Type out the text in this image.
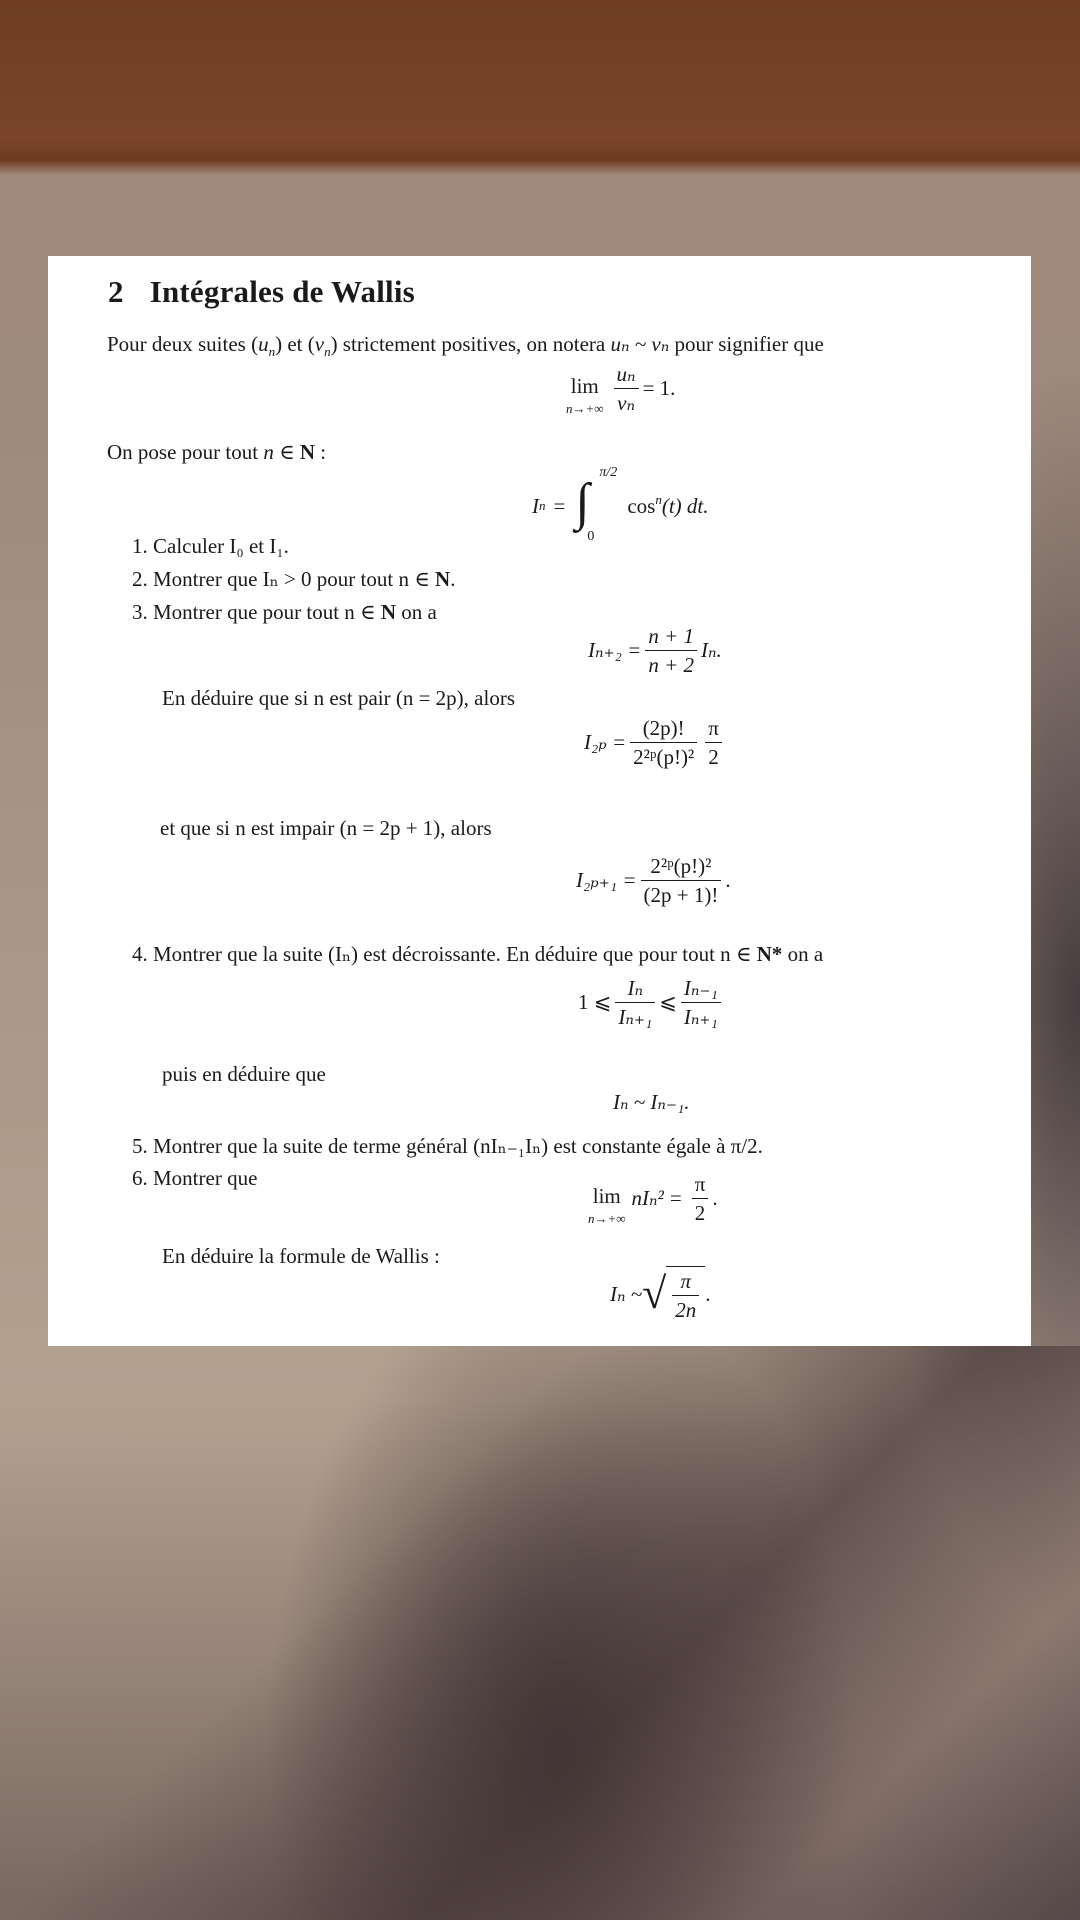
2 Intégrales de Wallis
Pour deux suites $(u_n)$ et $(v_n)$ strictement positives, on notera uₙ ~ vₙ pour signifier que
lim
$n\to+\infty \frac{\text{uₙ}}{\text{vₙ}} = 1$.
On pose pour tout n ∈ N :
I n = ∫
π/2
0
$\cos^n (t)$ dt.
1. Calculer I₀ et I₁.
2. Montrer que Iₙ > 0 pour tout n ∈ N.
3. Montrer que pour tout n ∈ N on a
$I_{n+2} = \frac{n + 1}{n + 2} I_n$.
En déduire que si n est pair (n = 2p), alors
$I_{2p} = \frac{(2p)!}{\text{2²ᵖ(p!)²}} \frac{\pi}{2}$
et que si n est impair (n = 2p + 1), alors
$I_{2p+1} = \frac{\text{2²ᵖ(p!)²}}{(2p + 1)!}$ .
4. Montrer que la suite (Iₙ) est décroissante. En déduire que pour tout n ∈ N* on a
1 ⩽ $\frac{\text{Iₙ}}{\text{Iₙ₊₁}}$ ⩽ $\frac{\text{Iₙ₋₁}}{\text{Iₙ₊₁}}$
puis en déduire que
Iₙ ~ Iₙ₋₁.
5. Montrer que la suite de terme général (nIₙ₋₁Iₙ) est constante égale à π/2.
6. Montrer que
lim
n→+∞
$nI_n^2 = \frac{\pi}{2}$ .
En déduire la formule de Wallis :
Iₙ ~ √ $\frac{\pi}{2n}$ .
